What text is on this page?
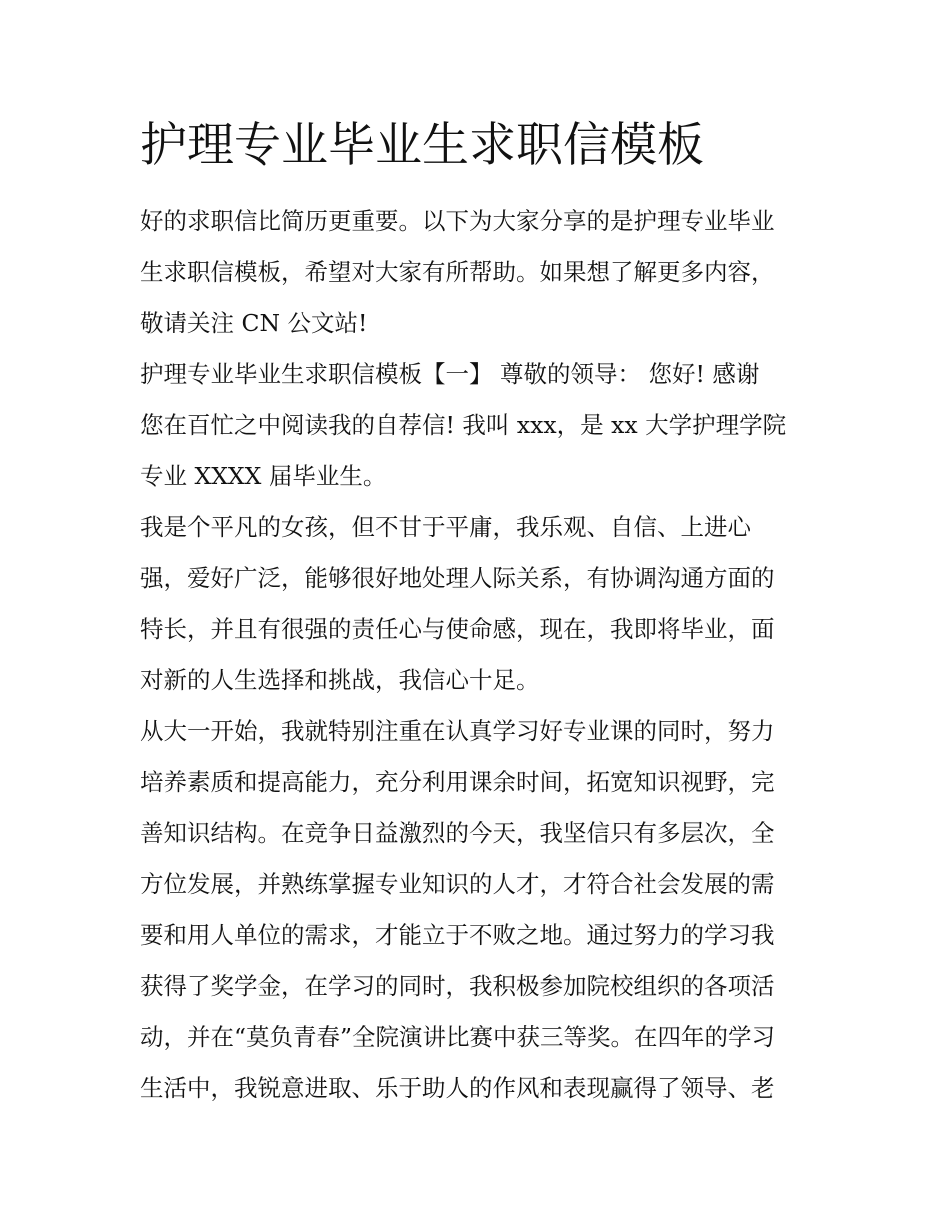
护理专业毕业生求职信模板

好的求职信比简历更重要。以下为大家分享的是护理专业毕业
生求职信模板，希望对大家有所帮助。如果想了解更多内容，
敬请关注 CN 公文站!

护理专业毕业生求职信模板【一】 尊敬的领导： 您好! 感谢
您在百忙之中阅读我的自荐信! 我叫 xxx，是 xx 大学护理学院
专业 XXXX 届毕业生。

我是个平凡的女孩，但不甘于平庸，我乐观、自信、上进心
强，爱好广泛，能够很好地处理人际关系，有协调沟通方面的
特长，并且有很强的责任心与使命感，现在，我即将毕业，面
对新的人生选择和挑战，我信心十足。

从大一开始，我就特别注重在认真学习好专业课的同时，努力
培养素质和提高能力，充分利用课余时间，拓宽知识视野，完
善知识结构。在竞争日益激烈的今天，我坚信只有多层次，全
方位发展，并熟练掌握专业知识的人才，才符合社会发展的需
要和用人单位的需求，才能立于不败之地。通过努力的学习我
获得了奖学金，在学习的同时，我积极参加院校组织的各项活
动，并在“莫负青春”全院演讲比赛中获三等奖。在四年的学习
生活中，我锐意进取、乐于助人的作风和表现赢得了领导、老
